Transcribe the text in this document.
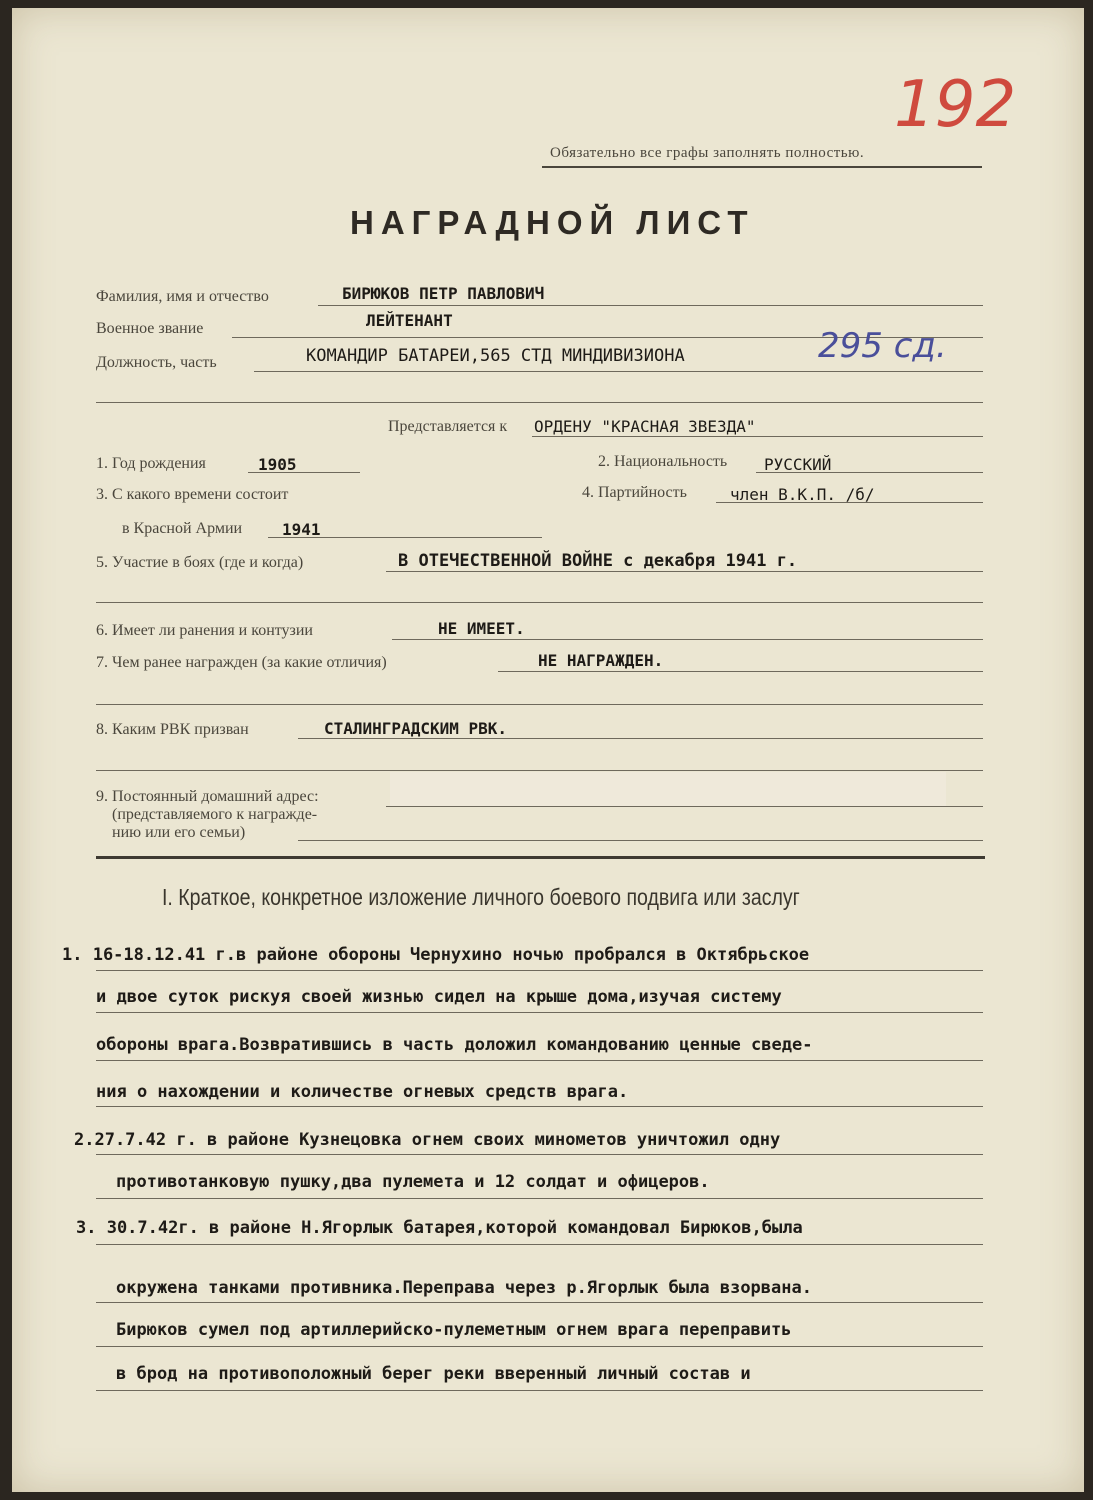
192
Обязательно все графы заполнять полностью.
НАГРАДНОЙ ЛИСТ
Фамилия, имя и отчество	БИРЮКОВ ПЕТР ПАВЛОВИЧ
Военное звание	ЛЕЙТЕНАНТ
Должность, часть	КОМАНДИР БАТАРЕИ,565 СТД МИНДИВИЗИОНА	295 сд.
Представляется к ОРДЕНУ "КРАСНАЯ ЗВЕЗДА"
1. Год рождения	1905	2. Национальность РУССКИЙ
3. С какого времени состоит	4. Партийность	член В.К.П. /б/
в Красной Армии 1941
5. Участие в боях (где и когда)	В ОТЕЧЕСТВЕННОЙ ВОЙНЕ с декабря 1941 г.
6. Имеет ли ранения и контузии	НЕ ИМЕЕТ.
7. Чем ранее награжден (за какие отличия)	НЕ НАГРАЖДЕН.
8. Каким РВК призван	СТАЛИНГРАДСКИМ РВК.
9. Постоянный домашний адрес:
(представляемого к награжде-
нию или его семьи)
I. Краткое, конкретное изложение личного боевого подвига или заслуг
1. 16-18.12.41 г.в районе обороны Чернухино ночью пробрался в Октябрьское
и двое суток рискуя своей жизнью сидел на крыше дома,изучая систему
обороны врага.Возвратившись в часть доложил командованию ценные сведе-
ния о нахождении и количестве огневых средств врага.
2.27.7.42 г. в районе Кузнецовка огнем своих минометов уничтожил одну
противотанковую пушку,два пулемета и 12 солдат и офицеров.
3. 30.7.42г. в районе Н.Ягорлык батарея,которой командовал Бирюков,была
окружена танками противника.Переправа через р.Ягорлык была взорвана.
Бирюков сумел под артиллерийско-пулеметным огнем врага переправить
в брод на противоположный берег реки вверенный личный состав и
